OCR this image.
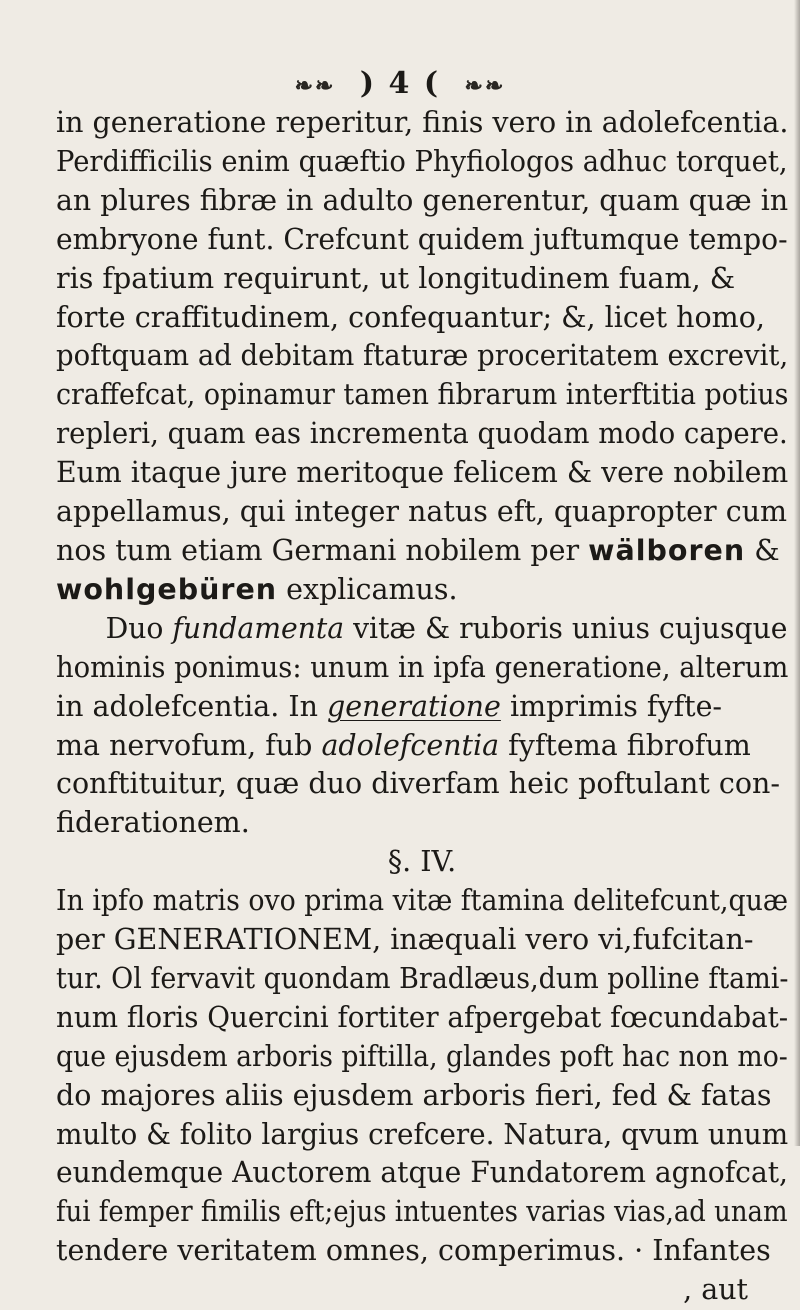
❧❧ ) 4 ( ❧❧
in generatione reperitur, finis vero in adolefcentia.
Perdifficilis enim quæftio Phyfiologos adhuc torquet,
an plures fibræ in adulto generentur, quam quæ in
embryone funt. Crefcunt quidem juftumque tempo-
ris fpatium requirunt, ut longitudinem fuam, &
forte craffitudinem, confequantur; &, licet homo,
poftquam ad debitam ftaturæ proceritatem excrevit,
craffefcat, opinamur tamen fibrarum interftitia potius
repleri, quam eas incrementa quodam modo capere.
Eum itaque jure meritoque felicem & vere nobilem
appellamus, qui integer natus eft, quapropter cum
nos tum etiam Germani nobilem per wälboren &
wohlgebüren explicamus.
Duo fundamenta vitæ & ruboris unius cujusque
hominis ponimus: unum in ipfa generatione, alterum
in adolefcentia. In generatione imprimis fyfte-
ma nervofum, fub adolefcentia fyftema fibrofum
conftituitur, quæ duo diverfam heic poftulant con-
fiderationem.
§. IV.
In ipfo matris ovo prima vitæ ftamina delitefcunt,quæ
per GENERATIONEM, inæquali vero vi,fufcitan-
tur. Ol fervavit quondam Bradlæus,dum polline ftami-
num floris Quercini fortiter afpergebat fœcundabat-
que ejusdem arboris piftilla, glandes poft hac non mo-
do majores aliis ejusdem arboris fieri, fed & fatas
multo & folito largius crefcere. Natura, qvum unum
eundemque Auctorem atque Fundatorem agnofcat,
fui femper fimilis eft;ejus intuentes varias vias,ad unam
tendere veritatem omnes, comperimus. · Infantes
, aut
